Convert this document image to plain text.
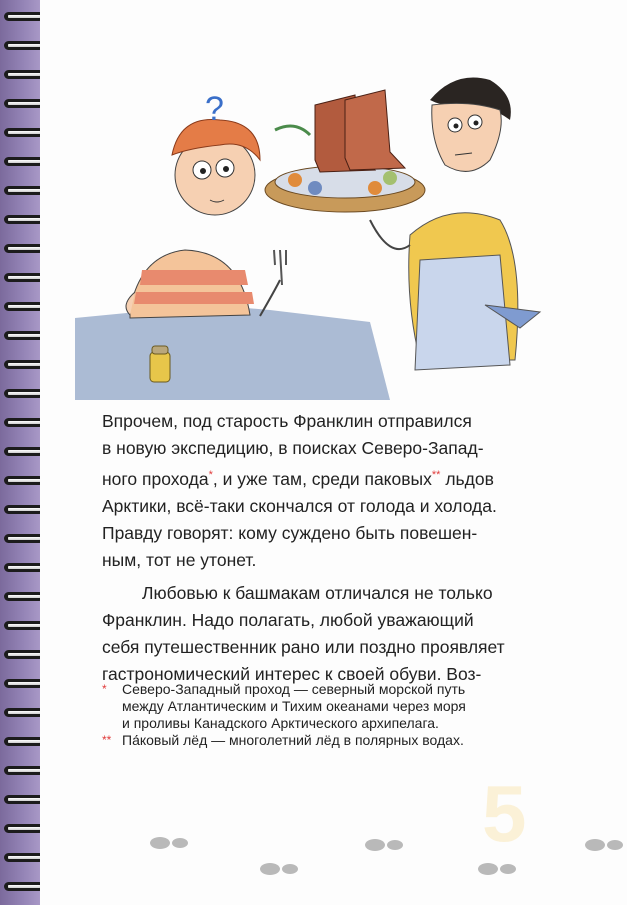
?

Впрочем, под старость Франклин отправился
в новую экспедицию, в поисках Северо-Запад-
ного прохода*, и уже там, среди паковых** льдов
Арктики, всё-таки скончался от голода и холода.
Правду говорят: кому суждено быть повешен-
ным, тот не утонет.

Любовью к башмакам отличался не только
Франклин. Надо полагать, любой уважающий
себя путешественник рано или поздно проявляет
гастрономический интерес к своей обуви. Воз-

* Северо-Западный проход — северный морской путь
между Атлантическим и Тихим океанами через моря
и проливы Канадского Арктического архипелага.
** Па́ковый лёд — многолетний лёд в полярных водах.
5
